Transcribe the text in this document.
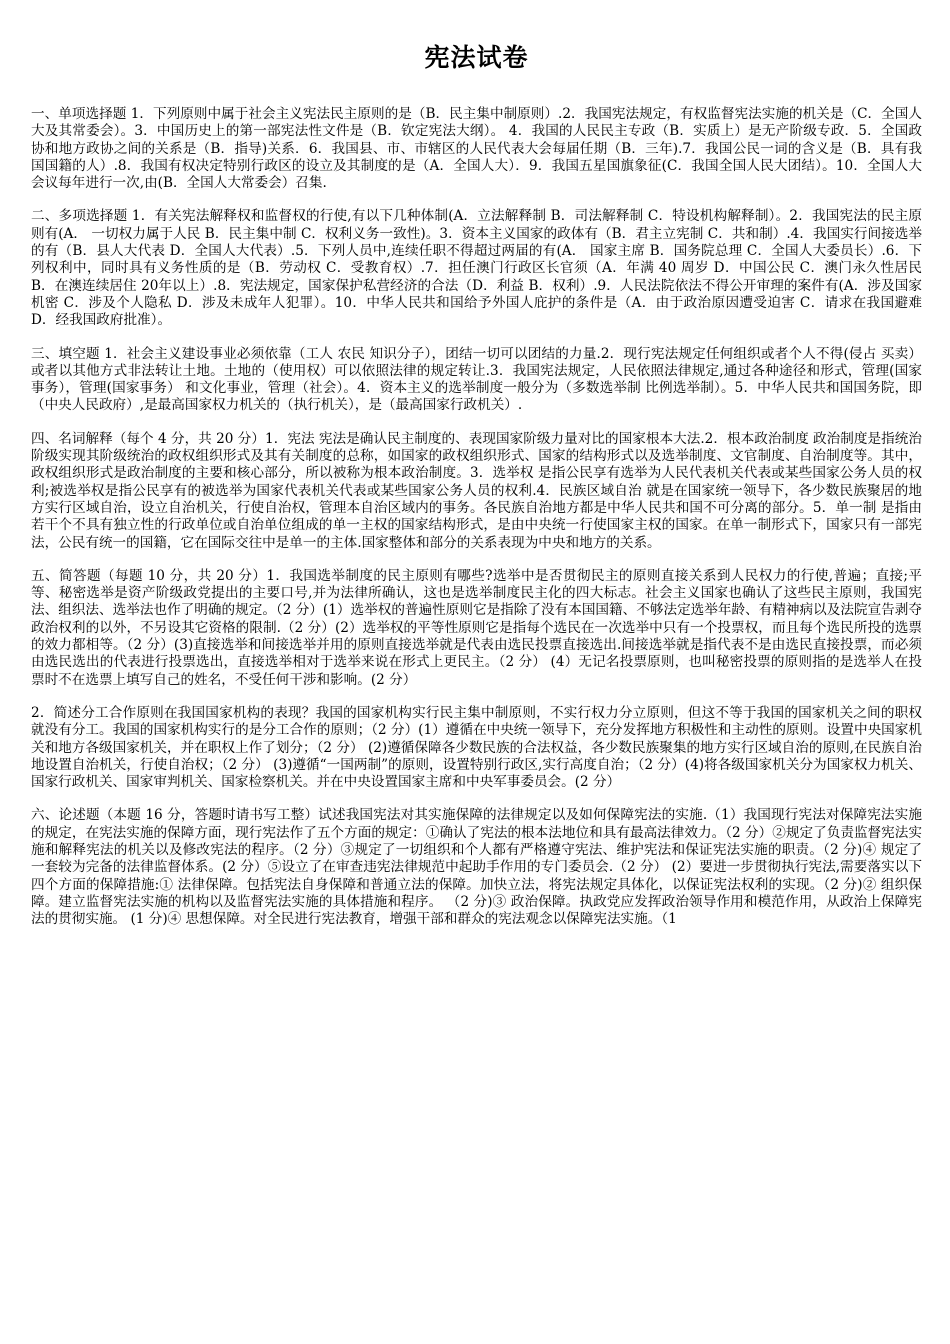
宪法试卷

一、单项选择题 1．下列原则中属于社会主义宪法民主原则的是（B．民主集中制原则）.2．我国宪法规定，有权监督宪法实施的机关是（C．全国人大及其常委会）。3．中国历史上的第一部宪法性文件是（B．钦定宪法大纲）。 4．我国的人民民主专政（B．实质上）是无产阶级专政．5．全国政协和地方政协之间的关系是（B．指导)关系．6．我国县、市、市辖区的人民代表大会每届任期（B．三年).7．我国公民一词的含义是（B．具有我国国籍的人）.8．我国有权决定特别行政区的设立及其制度的是（A．全国人大）．9．我国五星国旗象征(C．我国全国人民大团结）。10．全国人大会议每年进行一次,由(B．全国人大常委会）召集.

二、多项选择题 1．有关宪法解释权和监督权的行使,有以下几种体制(A．立法解释制 B．司法解释制 C．特设机构解释制）。2．我国宪法的民主原则有(A． 一切权力属于人民 B．民主集中制 C．权利义务一致性)。3．资本主义国家的政体有（B．君主立宪制 C．共和制）.4．我国实行间接选举的有（B．县人大代表 D．全国人大代表）.5．下列人员中,连续任职不得超过两届的有(A． 国家主席 B．国务院总理 C．全国人大委员长）.6．下列权利中，同时具有义务性质的是（B．劳动权 C．受教育权）.7．担任澳门行政区长官须（A．年满 40 周岁 D．中国公民 C．澳门永久性居民 B．在澳连续居住 20年以上）.8．宪法规定，国家保护私营经济的合法（D．利益 B．权利）.9．人民法院依法不得公开审理的案件有(A．涉及国家机密 C．涉及个人隐私 D．涉及未成年人犯罪）。10．中华人民共和国给予外国人庇护的条件是（A．由于政治原因遭受迫害 C．请求在我国避难 D．经我国政府批准）。

三、填空题 1．社会主义建设事业必须依靠（工人 农民 知识分子），团结一切可以团结的力量.2．现行宪法规定任何组织或者个人不得(侵占 买卖）或者以其他方式非法转让土地。土地的（使用权）可以依照法律的规定转让.3．我国宪法规定，人民依照法律规定,通过各种途径和形式，管理(国家事务），管理(国家事务） 和文化事业，管理（社会）。4．资本主义的选举制度一般分为（多数选举制 比例选举制）。5．中华人民共和国国务院，即（中央人民政府）,是最高国家权力机关的（执行机关），是（最高国家行政机关）.

四、名词解释（每个 4 分，共 20 分）1．宪法 宪法是确认民主制度的、表现国家阶级力量对比的国家根本大法.2．根本政治制度 政治制度是指统治阶级实现其阶级统治的政权组织形式及其有关制度的总称，如国家的政权组织形式、国家的结构形式以及选举制度、文官制度、自治制度等。其中，政权组织形式是政治制度的主要和核心部分，所以被称为根本政治制度。3．选举权 是指公民享有选举为人民代表机关代表或某些国家公务人员的权利;被选举权是指公民享有的被选举为国家代表机关代表或某些国家公务人员的权利.4．民族区域自治 就是在国家统一领导下，各少数民族聚居的地方实行区域自治，设立自治机关，行使自治权，管理本自治区域内的事务。各民族自治地方都是中华人民共和国不可分离的部分。5．单一制 是指由若干个不具有独立性的行政单位或自治单位组成的单一主权的国家结构形式，是由中央统一行使国家主权的国家。在单一制形式下，国家只有一部宪法，公民有统一的国籍，它在国际交往中是单一的主体.国家整体和部分的关系表现为中央和地方的关系。

五、简答题（每题 10 分，共 20 分）1．我国选举制度的民主原则有哪些?选举中是否贯彻民主的原则直接关系到人民权力的行使,普遍；直接;平等、秘密选举是资产阶级政党提出的主要口号,并为法律所确认，这也是选举制度民主化的四大标志。社会主义国家也确认了这些民主原则，我国宪法、组织法、选举法也作了明确的规定。（2 分）(1）选举权的普遍性原则它是指除了没有本国国籍、不够法定选举年龄、有精神病以及法院宣告剥夺政治权利的以外，不另设其它资格的限制.（2 分）(2）选举权的平等性原则它是指每个选民在一次选举中只有一个投票权，而且每个选民所投的选票的效力都相等。（2 分）(3)直接选举和间接选举并用的原则直接选举就是代表由选民投票直接选出.间接选举就是指代表不是由选民直接投票，而必须由选民选出的代表进行投票选出，直接选举相对于选举来说在形式上更民主。（2 分） (4）无记名投票原则，也叫秘密投票的原则指的是选举人在投票时不在选票上填写自己的姓名，不受任何干涉和影响。(2 分）

2．简述分工合作原则在我国国家机构的表现？我国的国家机构实行民主集中制原则，不实行权力分立原则，但这不等于我国的国家机关之间的职权就没有分工。我国的国家机构实行的是分工合作的原则；（2 分）(1）遵循在中央统一领导下，充分发挥地方积极性和主动性的原则。设置中央国家机关和地方各级国家机关，并在职权上作了划分；（2 分） (2)遵循保障各少数民族的合法权益，各少数民族聚集的地方实行区域自治的原则,在民族自治地设置自治机关，行使自治权；（2 分） (3)遵循“一国两制”的原则，设置特别行政区,实行高度自治；（2 分）(4)将各级国家机关分为国家权力机关、国家行政机关、国家审判机关、国家检察机关。并在中央设置国家主席和中央军事委员会。(2 分）

六、论述题（本题 16 分，答题时请书写工整）试述我国宪法对其实施保障的法律规定以及如何保障宪法的实施.（1）我国现行宪法对保障宪法实施的规定，在宪法实施的保障方面，现行宪法作了五个方面的规定：①确认了宪法的根本法地位和具有最高法律效力。（2 分）②规定了负责监督宪法实施和解释宪法的机关以及修改宪法的程序。（2 分）③规定了一切组织和个人都有严格遵守宪法、维护宪法和保证宪法实施的职责。（2 分)④ 规定了一套较为完备的法律监督体系。(2 分）⑤设立了在审查违宪法律规范中起助手作用的专门委员会.（2 分） (2）要进一步贯彻执行宪法,需要落实以下四个方面的保障措施:① 法律保障。包括宪法自身保障和普通立法的保障。加快立法，将宪法规定具体化，以保证宪法权利的实现。（2 分)② 组织保障。建立监督宪法实施的机构以及监督宪法实施的具体措施和程序。 （2 分)③ 政治保障。执政党应发挥政治领导作用和模范作用，从政治上保障宪法的贯彻实施。 (1 分)④ 思想保障。对全民进行宪法教育，增强干部和群众的宪法观念以保障宪法实施。（1
